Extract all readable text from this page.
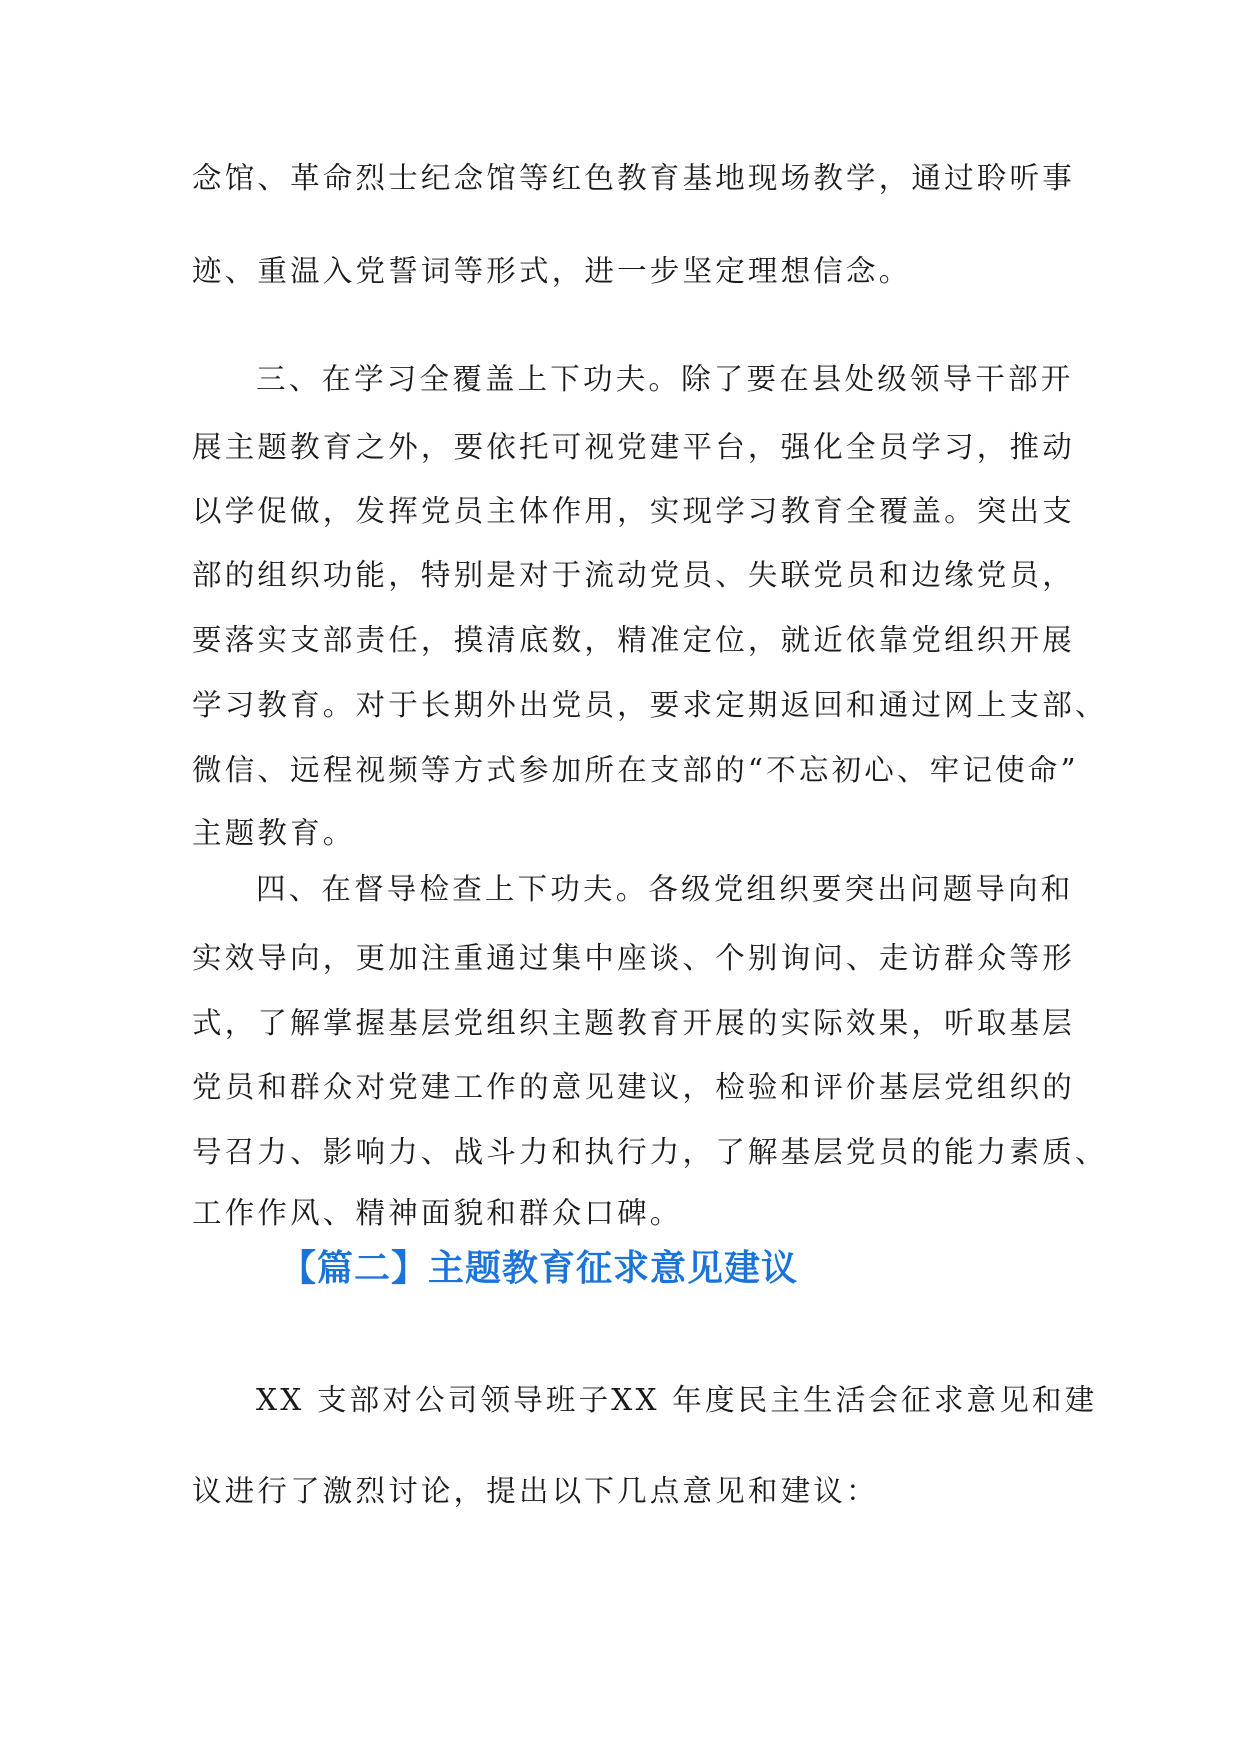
念馆、革命烈士纪念馆等红色教育基地现场教学，通过聆听事
迹、重温入党誓词等形式，进一步坚定理想信念。
三、在学习全覆盖上下功夫。除了要在县处级领导干部开
展主题教育之外，要依托可视党建平台，强化全员学习，推动
以学促做，发挥党员主体作用，实现学习教育全覆盖。突出支
部的组织功能，特别是对于流动党员、失联党员和边缘党员，
要落实支部责任，摸清底数，精准定位，就近依靠党组织开展
学习教育。对于长期外出党员，要求定期返回和通过网上支部、
微信、远程视频等方式参加所在支部的“不忘初心、牢记使命”
主题教育。
四、在督导检查上下功夫。各级党组织要突出问题导向和
实效导向，更加注重通过集中座谈、个别询问、走访群众等形
式，了解掌握基层党组织主题教育开展的实际效果，听取基层
党员和群众对党建工作的意见建议，检验和评价基层党组织的
号召力、影响力、战斗力和执行力，了解基层党员的能力素质、
工作作风、精神面貌和群众口碑。
【篇二】主题教育征求意见建议
XX 支部对公司领导班子XX 年度民主生活会征求意见和建
议进行了激烈讨论，提出以下几点意见和建议：
